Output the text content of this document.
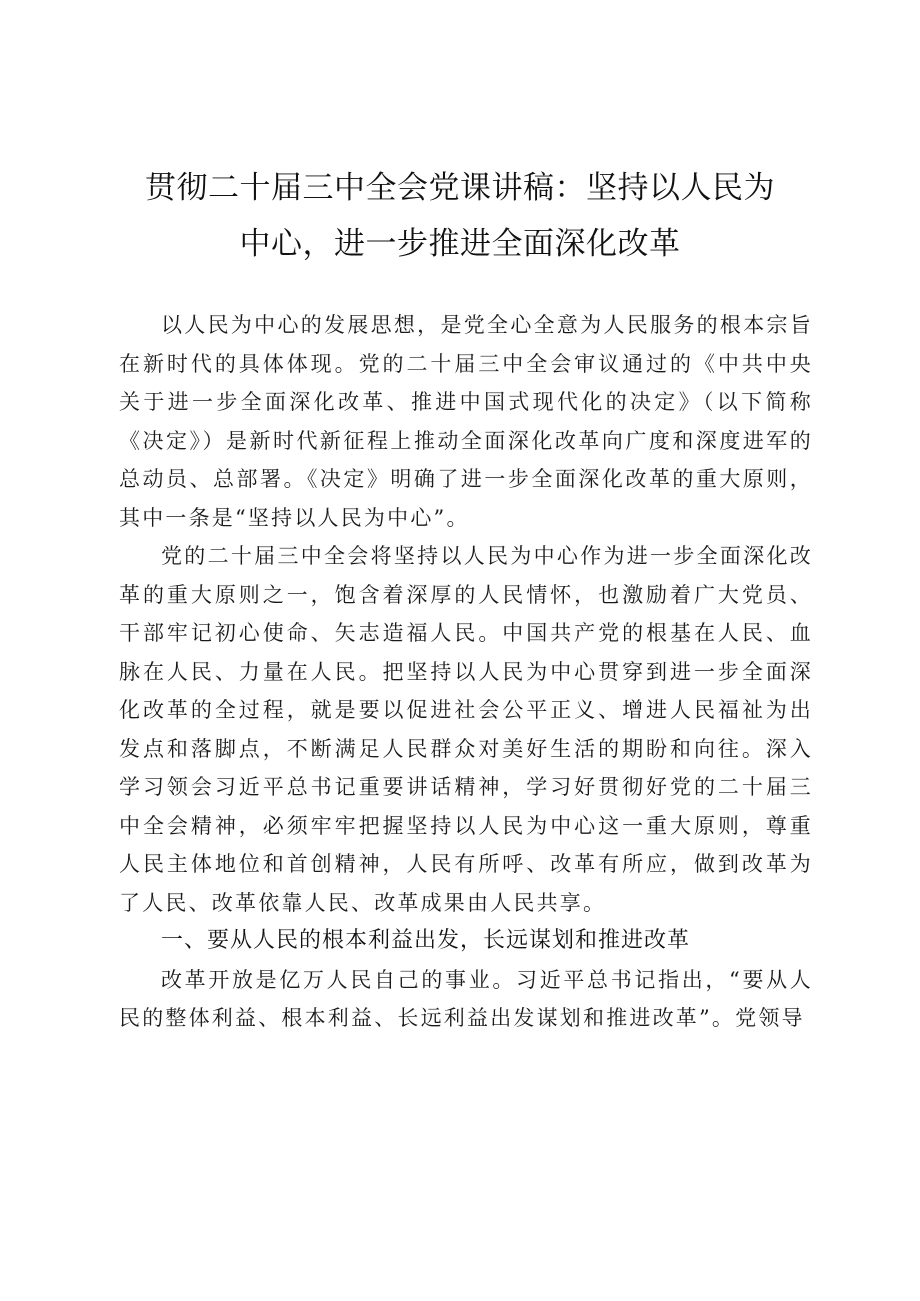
贯彻二十届三中全会党课讲稿：坚持以人民为
中心，进一步推进全面深化改革

以人民为中心的发展思想，是党全心全意为人民服务的根本宗旨在新时代的具体体现。党的二十届三中全会审议通过的《中共中央关于进一步全面深化改革、推进中国式现代化的决定》（以下简称《决定》）是新时代新征程上推动全面深化改革向广度和深度进军的总动员、总部署。《决定》明确了进一步全面深化改革的重大原则，其中一条是“坚持以人民为中心”。

党的二十届三中全会将坚持以人民为中心作为进一步全面深化改革的重大原则之一，饱含着深厚的人民情怀，也激励着广大党员、干部牢记初心使命、矢志造福人民。中国共产党的根基在人民、血脉在人民、力量在人民。把坚持以人民为中心贯穿到进一步全面深化改革的全过程，就是要以促进社会公平正义、增进人民福祉为出发点和落脚点，不断满足人民群众对美好生活的期盼和向往。深入学习领会习近平总书记重要讲话精神，学习好贯彻好党的二十届三中全会精神，必须牢牢把握坚持以人民为中心这一重大原则，尊重人民主体地位和首创精神，人民有所呼、改革有所应，做到改革为了人民、改革依靠人民、改革成果由人民共享。

一、要从人民的根本利益出发，长远谋划和推进改革

改革开放是亿万人民自己的事业。习近平总书记指出，“要从人民的整体利益、根本利益、长远利益出发谋划和推进改革”。党领导
